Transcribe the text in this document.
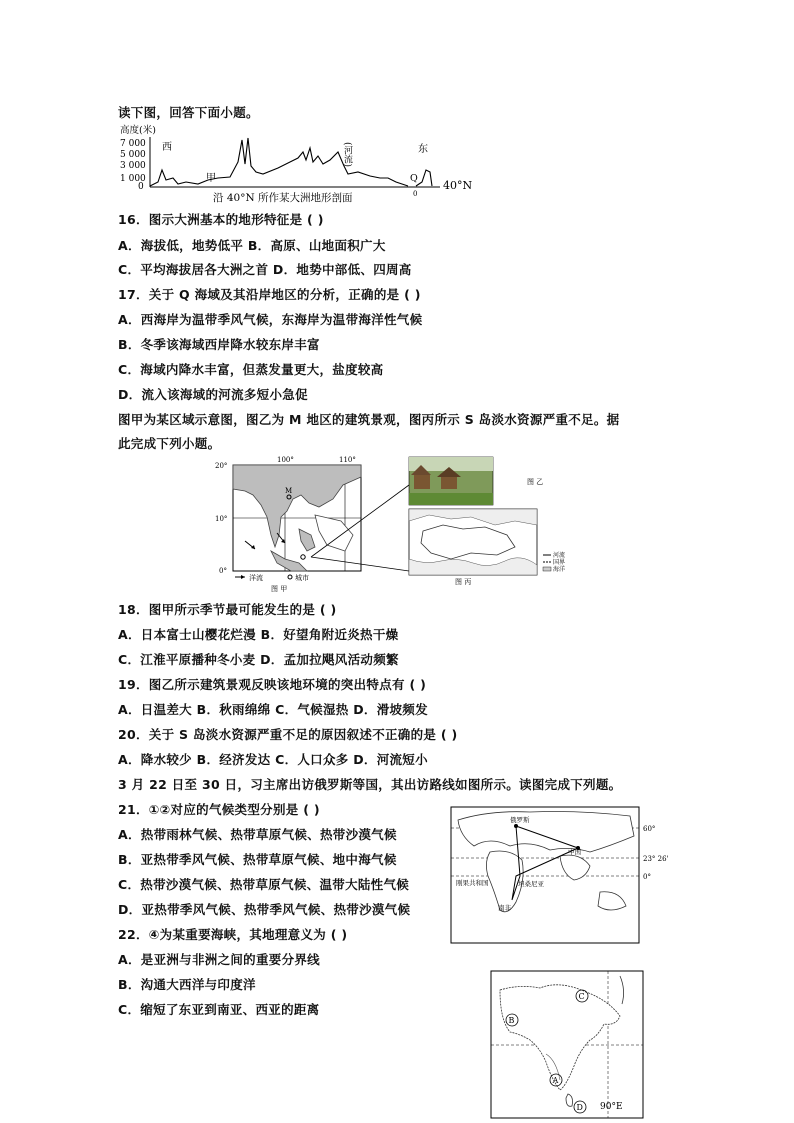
读下图，回答下面小题。
高度(米)
7 000
5 000
3 000
1 000
0
西	东
甲	Q
0
(河流)
40°N
沿 40°N 所作某大洲地形剖面
16．图示大洲基本的地形特征是 ( )
A．海拔低，地势低平 B．高原、山地面积广大
C．平均海拔居各大洲之首 D．地势中部低、四周高
17．关于 Q 海域及其沿岸地区的分析，正确的是 ( )
A．西海岸为温带季风气候，东海岸为温带海洋性气候
B．冬季该海域西岸降水较东岸丰富
C．海域内降水丰富，但蒸发量更大，盐度较高
D．流入该海域的河流多短小急促
图甲为某区域示意图，图乙为 M 地区的建筑景观，图丙所示 S 岛淡水资源严重不足。据
此完成下列小题。
M
100°	110°
20°
10°
0°
洋流	城市
图 甲
图 乙
河流
国界
海洋
图 丙
18．图甲所示季节最可能发生的是 ( )
A．日本富士山樱花烂漫 B．好望角附近炎热干燥
C．江淮平原播种冬小麦 D．孟加拉飓风活动频繁
19．图乙所示建筑景观反映该地环境的突出特点有 ( )
A．日温差大 B．秋雨绵绵 C．气候湿热 D．滑坡频发
20．关于 S 岛淡水资源严重不足的原因叙述不正确的是 ( )
A．降水较少 B．经济发达 C．人口众多 D．河流短小
3 月 22 日至 30 日，习主席出访俄罗斯等国，其出访路线如图所示。读图完成下列题。
21．①②对应的气候类型分别是 ( )
A．热带雨林气候、热带草原气候、热带沙漠气候
B．亚热带季风气候、热带草原气候、地中海气候
C．热带沙漠气候、热带草原气候、温带大陆性气候
D．亚热带季风气候、热带季风气候、热带沙漠气候
俄罗斯
中国
刚果共和国	坦桑尼亚
南非
60°
23° 26'
0°
22．④为某重要海峡，其地理意义为 ( )
A．是亚洲与非洲之间的重要分界线
B．沟通大西洋与印度洋
C．缩短了东亚到南亚、西亚的距离
C
B
A
D 90°E
